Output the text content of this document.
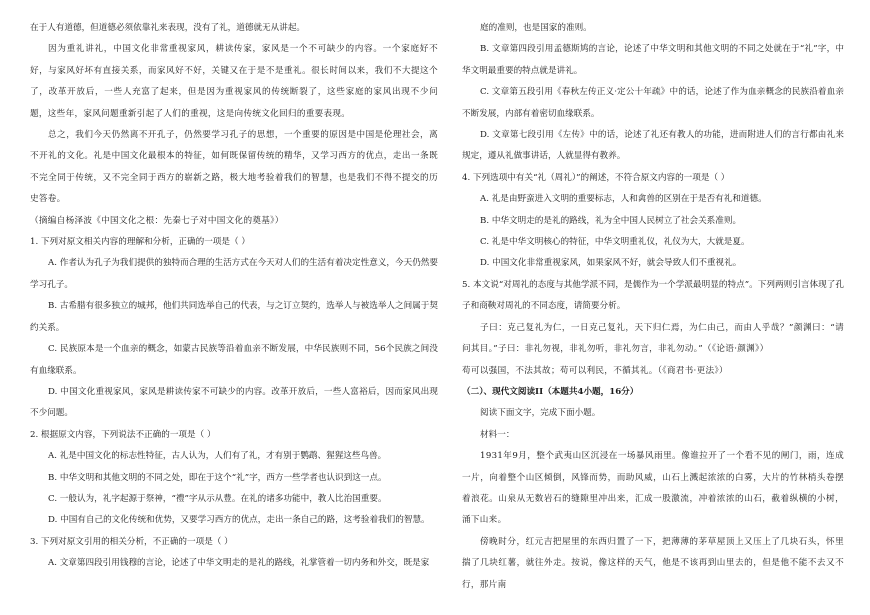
在于人有道德，但道德必须依靠礼来表现，没有了礼，道德就无从讲起。

因为重礼讲礼，中国文化非常重视家风，耕读传家，家风是一个不可缺少的内容。一个家庭好不好，与家风好坏有直接关系，而家风好不好，关键又在于是不是重礼。很长时间以来，我们不大提这个了，改革开放后，一些人充富了起来，但是因为重视家风的传统断裂了，这些家庭的家风出现不少问题，这些年，家风问题重新引起了人们的重视，这是向传统文化回归的重要表现。

总之，我们今天仍然离不开孔子，仍然要学习孔子的思想，一个重要的原因是中国是伦理社会，离不开礼的文化。礼是中国文化最根本的特征，如何既保留传统的精华，又学习西方的优点，走出一条既不完全同于传统，又不完全同于西方的崭新之路，极大地考验着我们的智慧，也是我们不得不提交的历史答卷。

（摘编自杨泽波《中国文化之根：先秦七子对中国文化的奠基》）

1. 下列对原文相关内容的理解和分析，正确的一项是（ ）

A. 作者认为孔子为我们提供的独特而合理的生活方式在今天对人们的生活有着决定性意义，今天仍然要学习孔子。

B. 古希腊有很多独立的城邦，他们共同选举自己的代表，与之订立契约，选举人与被选举人之间属于契约关系。

C. 民族原本是一个血亲的概念，如蒙古民族等沿着血亲不断发展，中华民族则不同，56个民族之间没有血缘联系。

D. 中国文化重视家风，家风是耕读传家不可缺少的内容。改革开放后，一些人富裕后，因而家风出现不少问题。

2. 根据原文内容，下列说法不正确的一项是（ ）

A. 礼是中国文化的标志性特征，古人认为，人们有了礼，才有别于鹦鹉、猩猩这些鸟兽。

B. 中华文明和其他文明的不同之处，即在于这个“礼”字，西方一些学者也认识到这一点。

C. 一般认为，礼字起源于祭神，“禮”字从示从豊。在礼的诸多功能中，教人比治国重要。

D. 中国有自己的文化传统和优势，又要学习西方的优点，走出一条自己的路，这考验着我们的智慧。

3. 下列对原文引用的相关分析，不正确的一项是（ ）

A. 文章第四段引用钱穆的言论，论述了中华文明走的是礼的路线，礼掌管着一切内务和外交，既是家

庭的准则，也是国家的准则。

B. 文章第四段引用孟德斯鸠的言论，论述了中华文明和其他文明的不同之处就在于“礼”字，中华文明最重要的特点就是讲礼。

C. 文章第五段引用《春秋左传正义·定公十年疏》中的话，论述了作为血亲概念的民族沿着血亲不断发展，内部有着密切血缘联系。

D. 文章第七段引用《左传》中的话，论述了礼还有教人的功能，进而附进人们的言行都由礼来规定，遵从礼做事讲话，人就显得有教养。

4. 下列选项中有关“礼（周礼）”的阐述，不符合原文内容的一项是（ ）

A. 礼是由野蛮进入文明的重要标志，人和禽兽的区别在于是否有礼和道德。

B. 中华文明走的是礼的路线，礼为全中国人民树立了社会关系准则。

C. 礼是中华文明核心的特征，中华文明重礼仪，礼仪为大，大就是夏。

D. 中国文化非常重视家风，如果家风不好，就会导致人们不重视礼。

5. 本文说“对周礼的态度与其他学派不同，是儒作为一个学派最明显的特点”。下列两则引言体现了孔子和商鞅对周礼的不同态度，请简要分析。

子曰：克己复礼为仁，一日克己复礼，天下归仁焉，为仁由己，而由人乎哉？”颜渊曰：“请问其目。”子曰：非礼勿视，非礼勿听，非礼勿言，非礼勿动。”（《论语·颜渊》）

苟可以强国，不法其故；苟可以利民，不循其礼。（《商君书·更法》）

（二）、现代文阅读II（本题共4小题，16分）

阅读下面文字，完成下面小题。

材料一：

1931年9月，整个武夷山区沉浸在一场暴风雨里。像谁拉开了一个看不见的闸门，雨，连成一片，向着整个山区倾倒，风锋而势，而助风威，山石上溅起浓浓的白雾，大片的竹林梢头卷摆着浪花。山泉从无数岩石的缝隙里冲出来，汇成一股激流，冲着浓浓的山石，截着纵横的小树，涌下山来。

傍晚时分，红元吉把屋里的东西归置了一下，把薄薄的茅草屋顶上又压上了几块石头，怀里揣了几块红薯，就往外走。按说，像这样的天气，他是不该再到山里去的，但是他不能不去又不行，那片南
